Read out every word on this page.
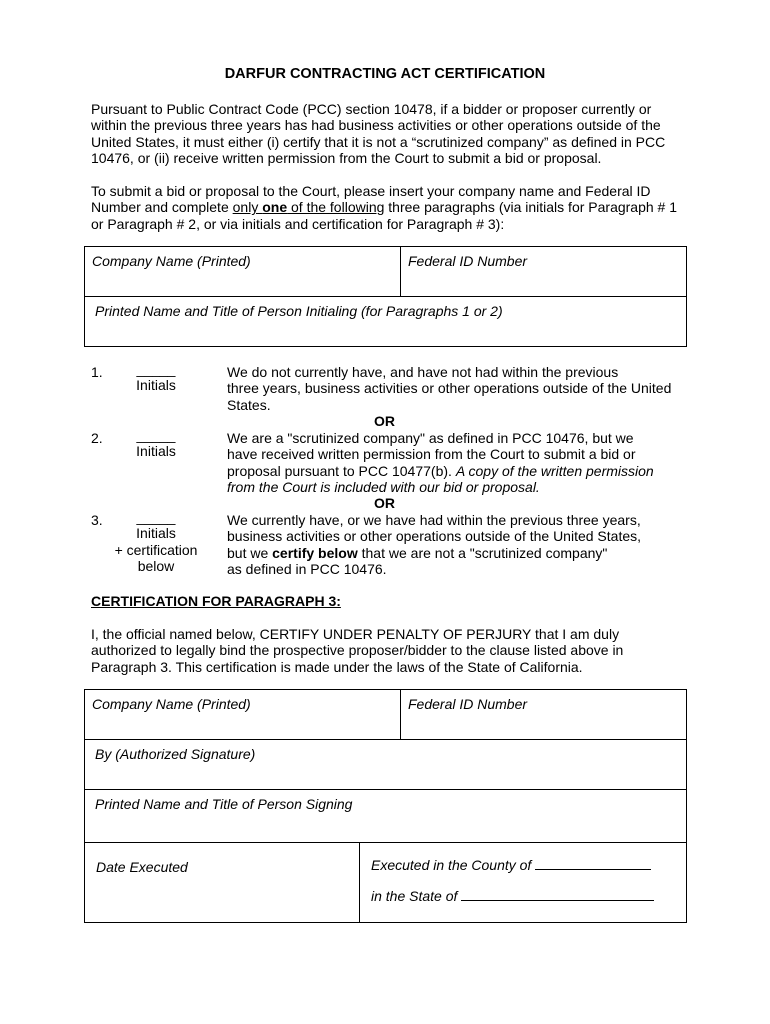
DARFUR CONTRACTING ACT CERTIFICATION
Pursuant to Public Contract Code (PCC) section 10478, if a bidder or proposer currently or
within the previous three years has had business activities or other operations outside of the
United States, it must either (i) certify that it is not a “scrutinized company” as defined in PCC
10476, or (ii) receive written permission from the Court to submit a bid or proposal.
To submit a bid or proposal to the Court, please insert your company name and Federal ID
Number and complete only one of the following three paragraphs (via initials for Paragraph # 1
or Paragraph # 2, or via initials and certification for Paragraph # 3):
Company Name (Printed)	Federal ID Number

Printed Name and Title of Person Initialing (for Paragraphs 1 or 2)
1.	_____
Initials
We do not currently have, and have not had within the previous
three years, business activities or other operations outside of the United
States.
OR
2.	_____
Initials
We are a "scrutinized company" as defined in PCC 10476, but we
have received written permission from the Court to submit a bid or
proposal pursuant to PCC 10477(b). A copy of the written permission
from the Court is included with our bid or proposal.
OR
3.	_____
Initials
+ certification
below
We currently have, or we have had within the previous three years,
business activities or other operations outside of the United States,
but we certify below that we are not a "scrutinized company"
as defined in PCC 10476.
CERTIFICATION FOR PARAGRAPH 3:
I, the official named below, CERTIFY UNDER PENALTY OF PERJURY that I am duly
authorized to legally bind the prospective proposer/bidder to the clause listed above in
Paragraph 3. This certification is made under the laws of the State of California.
Company Name (Printed)	Federal ID Number

By (Authorized Signature)

Printed Name and Title of Person Signing

Date Executed	Executed in the County of
in the State of
